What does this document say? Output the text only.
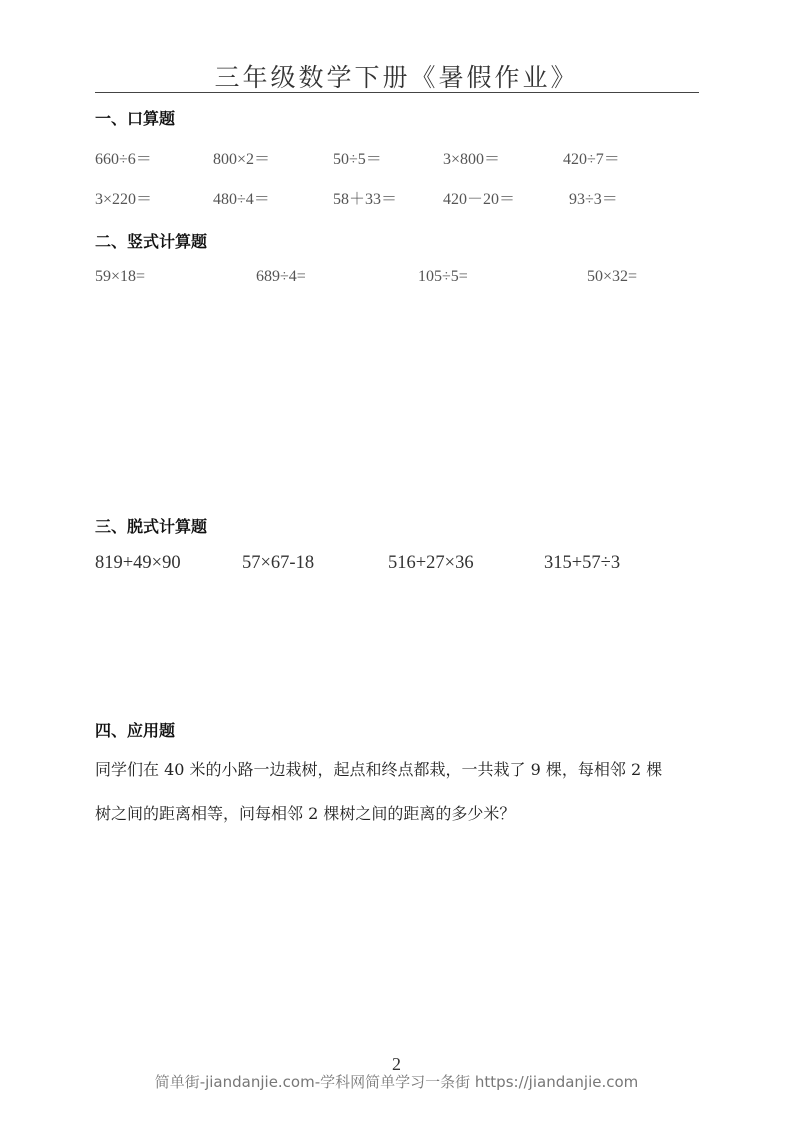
三年级数学下册《暑假作业》
一、口算题
660÷6＝	800×2＝	50÷5＝	3×800＝	420÷7＝
3×220＝	480÷4＝	58＋33＝	420－20＝	93÷3＝
二、竖式计算题
59×18=	689÷4=	105÷5=	50×32=
三、脱式计算题
819+49×90	57×67-18	516+27×36	315+57÷3
四、应用题
同学们在 40 米的小路一边栽树，起点和终点都栽，一共栽了 9 棵，每相邻 2 棵
树之间的距离相等，问每相邻 2 棵树之间的距离的多少米？
2
简单街-jiandanjie.com-学科网简单学习一条街 https://jiandanjie.com
